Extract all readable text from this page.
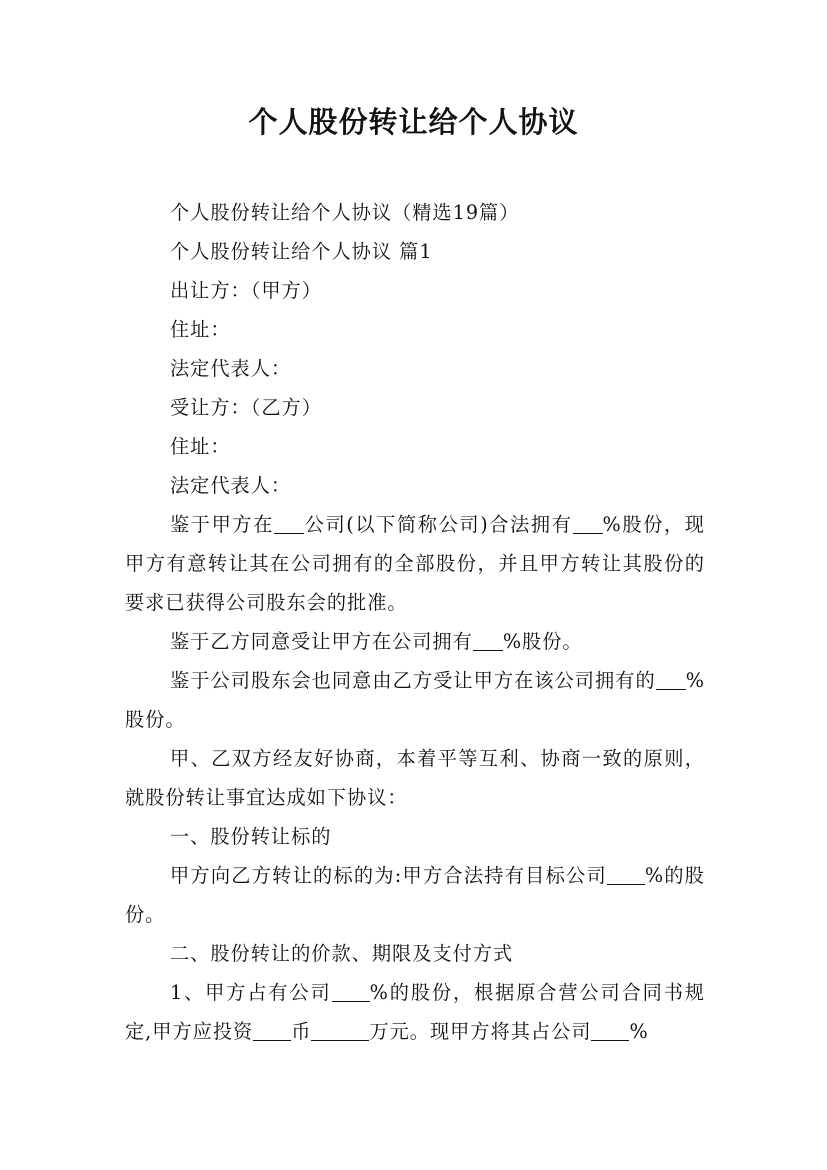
个人股份转让给个人协议

个人股份转让给个人协议（精选19篇）

个人股份转让给个人协议 篇1

出让方：（甲方）

住址：

法定代表人：

受让方：（乙方）

住址：

法定代表人：

鉴于甲方在 公司(以下简称公司)合法拥有 %股份，现甲方有意转让其在公司拥有的全部股份，并且甲方转让其股份的要求已获得公司股东会的批准。

鉴于乙方同意受让甲方在公司拥有 %股份。

鉴于公司股东会也同意由乙方受让甲方在该公司拥有的 %股份。

甲、乙双方经友好协商，本着平等互利、协商一致的原则，就股份转让事宜达成如下协议：

一、股份转让标的

甲方向乙方转让的标的为:甲方合法持有目标公司 %的股份。

二、股份转让的价款、期限及支付方式

1、甲方占有公司 %的股份，根据原合营公司合同书规定,甲方应投资 币	万元。现甲方将其占公司 %
